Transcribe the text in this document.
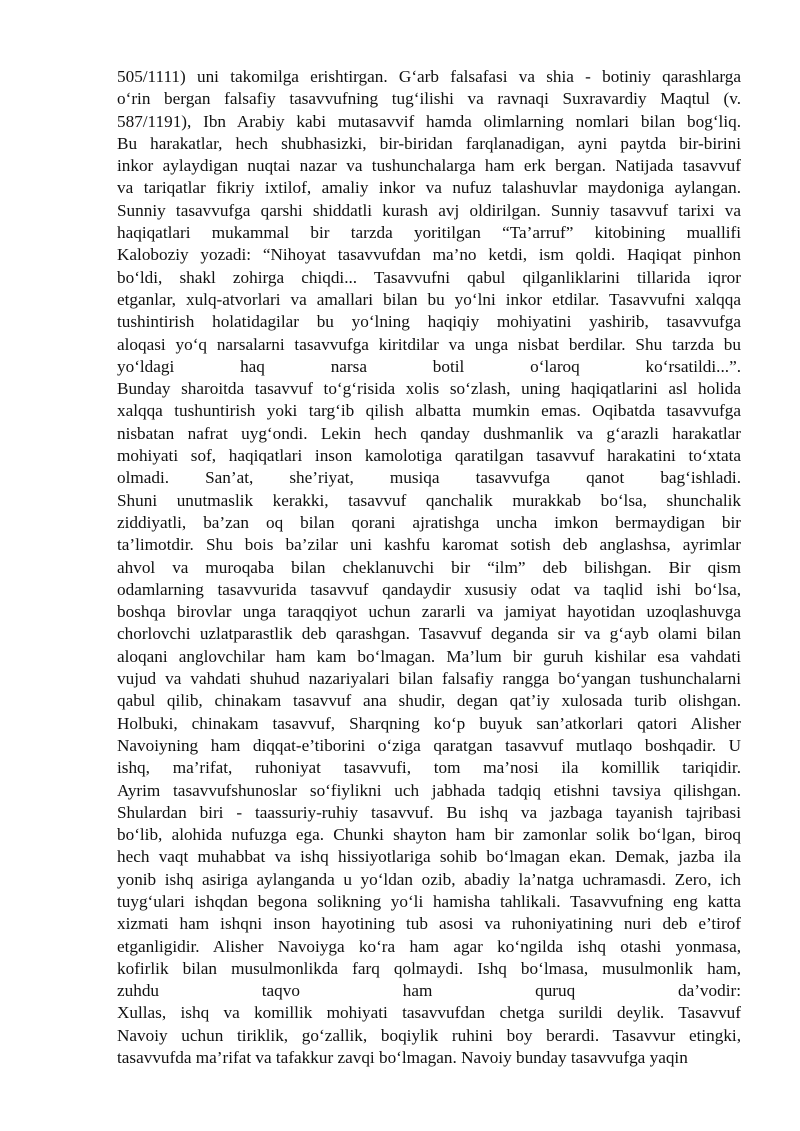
505/1111) uni takomilga erishtirgan. G‘arb falsafasi va shia - botiniy qarashlarga
o‘rin bergan falsafiy tasavvufning tug‘ilishi va ravnaqi Suxravardiy Maqtul (v.
587/1191), Ibn Arabiy kabi mutasavvif hamda olimlarning nomlari bilan bog‘liq.
Bu harakatlar, hech shubhasizki, bir-biridan farqlanadigan, ayni paytda bir-birini
inkor aylaydigan nuqtai nazar va tushunchalarga ham erk bergan. Natijada tasavvuf
va tariqatlar fikriy ixtilof, amaliy inkor va nufuz talashuvlar maydoniga aylangan.
Sunniy tasavvufga qarshi shiddatli kurash avj oldirilgan. Sunniy tasavvuf tarixi va
haqiqatlari mukammal bir tarzda yoritilgan “Ta’arruf” kitobining muallifi
Kaloboziy yozadi: “Nihoyat tasavvufdan ma’no ketdi, ism qoldi. Haqiqat pinhon
bo‘ldi, shakl zohirga chiqdi... Tasavvufni qabul qilganliklarini tillarida iqror
etganlar, xulq-atvorlari va amallari bilan bu yo‘lni inkor etdilar. Tasavvufni xalqqa
tushintirish holatidagilar bu yo‘lning haqiqiy mohiyatini yashirib, tasavvufga
aloqasi yo‘q narsalarni tasavvufga kiritdilar va unga nisbat berdilar. Shu tarzda bu
yo‘ldagi haq narsa botil o‘laroq ko‘rsatildi...”.
Bunday sharoitda tasavvuf to‘g‘risida xolis so‘zlash, uning haqiqatlarini asl holida
xalqqa tushuntirish yoki targ‘ib qilish albatta mumkin emas. Oqibatda tasavvufga
nisbatan nafrat uyg‘ondi. Lekin hech qanday dushmanlik va g‘arazli harakatlar
mohiyati sof, haqiqatlari inson kamolotiga qaratilgan tasavvuf harakatini to‘xtata
olmadi. San’at, she’riyat, musiqa tasavvufga qanot bag‘ishladi.
Shuni unutmaslik kerakki, tasavvuf qanchalik murakkab bo‘lsa, shunchalik
ziddiyatli, ba’zan oq bilan qorani ajratishga uncha imkon bermaydigan bir
ta’limotdir. Shu bois ba’zilar uni kashfu karomat sotish deb anglashsa, ayrimlar
ahvol va muroqaba bilan cheklanuvchi bir “ilm” deb bilishgan. Bir qism
odamlarning tasavvurida tasavvuf qandaydir xususiy odat va taqlid ishi bo‘lsa,
boshqa birovlar unga taraqqiyot uchun zararli va jamiyat hayotidan uzoqlashuvga
chorlovchi uzlatparastlik deb qarashgan. Tasavvuf deganda sir va g‘ayb olami bilan
aloqani anglovchilar ham kam bo‘lmagan. Ma’lum bir guruh kishilar esa vahdati
vujud va vahdati shuhud nazariyalari bilan falsafiy rangga bo‘yangan tushunchalarni
qabul qilib, chinakam tasavvuf ana shudir, degan qat’iy xulosada turib olishgan.
Holbuki, chinakam tasavvuf, Sharqning ko‘p buyuk san’atkorlari qatori Alisher
Navoiyning ham diqqat-e’tiborini o‘ziga qaratgan tasavvuf mutlaqo boshqadir. U
ishq, ma’rifat, ruhoniyat tasavvufi, tom ma’nosi ila komillik tariqidir.
Ayrim tasavvufshunoslar so‘fiylikni uch jabhada tadqiq etishni tavsiya qilishgan.
Shulardan biri - taassuriy-ruhiy tasavvuf. Bu ishq va jazbaga tayanish tajribasi
bo‘lib, alohida nufuzga ega. Chunki shayton ham bir zamonlar solik bo‘lgan, biroq
hech vaqt muhabbat va ishq hissiyotlariga sohib bo‘lmagan ekan. Demak, jazba ila
yonib ishq asiriga aylanganda u yo‘ldan ozib, abadiy la’natga uchramasdi. Zero, ich
tuyg‘ulari ishqdan begona solikning yo‘li hamisha tahlikali. Tasavvufning eng katta
xizmati ham ishqni inson hayotining tub asosi va ruhoniyatining nuri deb e’tirof
etganligidir. Alisher Navoiyga ko‘ra ham agar ko‘ngilda ishq otashi yonmasa,
kofirlik bilan musulmonlikda farq qolmaydi. Ishq bo‘lmasa, musulmonlik ham,
zuhdu taqvo ham quruq da’vodir:
Xullas, ishq va komillik mohiyati tasavvufdan chetga surildi deylik. Tasavvuf
Navoiy uchun tiriklik, go‘zallik, boqiylik ruhini boy berardi. Tasavvur etingki,
tasavvufda ma’rifat va tafakkur zavqi bo‘lmagan. Navoiy bunday tasavvufga yaqin
